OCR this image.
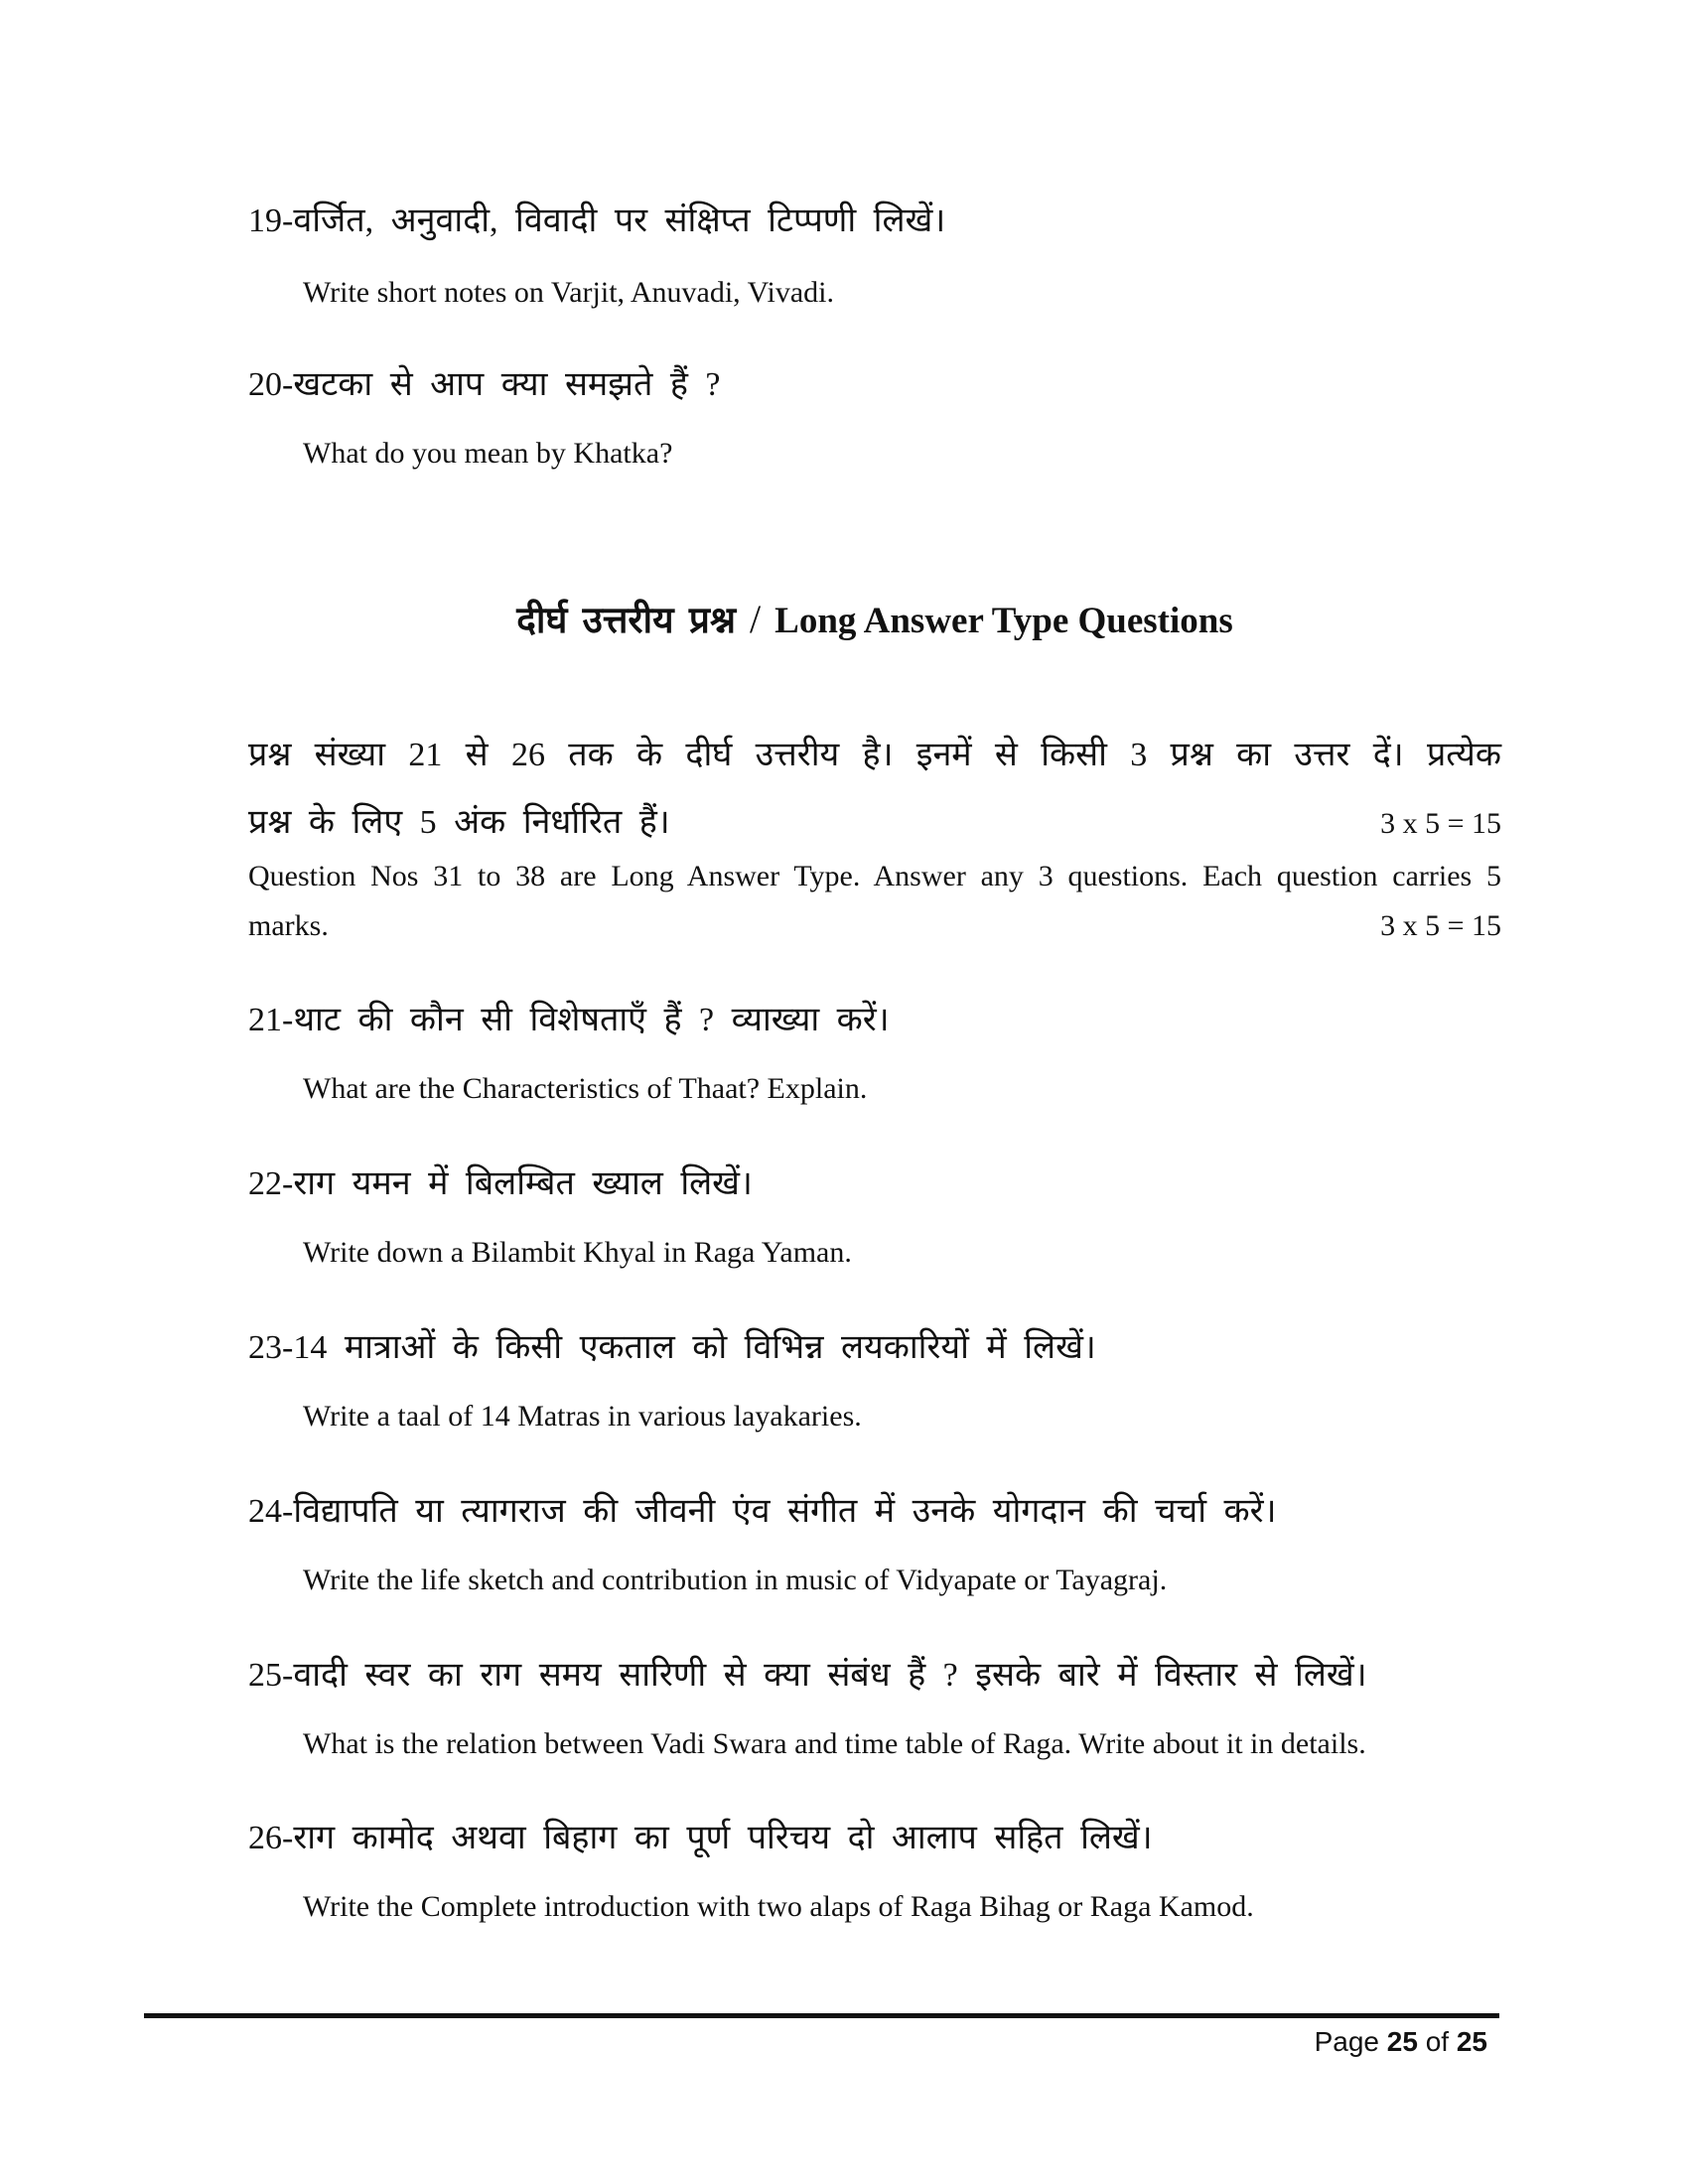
19-वर्जित, अनुवादी, विवादी पर संक्षिप्त टिप्पणी लिखें।
Write short notes on Varjit, Anuvadi, Vivadi.
20-खटका से आप क्या समझते हैं ?
What do you mean by Khatka?
दीर्घ उत्तरीय प्रश्न / Long Answer Type Questions
प्रश्न संख्या 21 से 26 तक के दीर्घ उत्तरीय है। इनमें से किसी 3 प्रश्न का उत्तर दें। प्रत्येक
प्रश्न के लिए 5 अंक निर्धारित हैं।	3 x 5 = 15
Question Nos 31 to 38 are Long Answer Type. Answer any 3 questions. Each question carries 5
marks.	3 x 5 = 15
21-थाट की कौन सी विशेषताएँ हैं ? व्याख्या करें।
What are the Characteristics of Thaat? Explain.
22-राग यमन में बिलम्बित ख्याल लिखें।
Write down a Bilambit Khyal in Raga Yaman.
23-14 मात्राओं के किसी एकताल को विभिन्न लयकारियों में लिखें।
Write a taal of 14 Matras in various layakaries.
24-विद्यापति या त्यागराज की जीवनी एंव संगीत में उनके योगदान की चर्चा करें।
Write the life sketch and contribution in music of Vidyapate or Tayagraj.
25-वादी स्वर का राग समय सारिणी से क्या संबंध हैं ? इसके बारे में विस्तार से लिखें।
What is the relation between Vadi Swara and time table of Raga. Write about it in details.
26-राग कामोद अथवा बिहाग का पूर्ण परिचय दो आलाप सहित लिखें।
Write the Complete introduction with two alaps of Raga Bihag or Raga Kamod.
Page 25 of 25
